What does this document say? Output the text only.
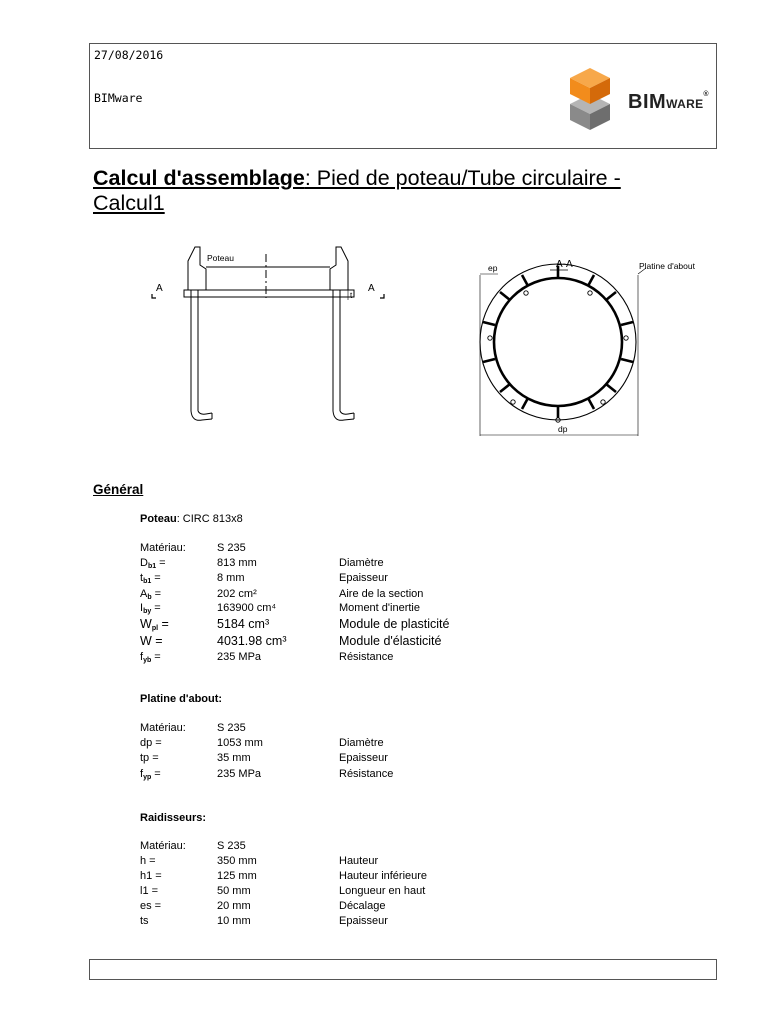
27/08/2016
BIMware	BIMWARE®
Calcul d'assemblage: Pied de poteau/Tube circulaire -
Calcul1
Poteau
A	A
t
ep	A-A	Platine d'about
dp
Général
Poteau: CIRC 813x8
Matériau:	S 235
$D_{b1}$ =	813 mm	Diamètre
$t_{b1}$ =	8 mm	Epaisseur
$A_b$ =	202 cm²	Aire de la section
$I_{by}$ =	163900 cm⁴	Moment d'inertie
$W_{pl}$ =	5184 cm³	Module de plasticité
W =	4031.98 cm³	Module d'élasticité
$f_{yb}$ =	235 MPa	Résistance
Platine d'about:
Matériau:	S 235
dp =	1053 mm	Diamètre
tp =	35 mm	Epaisseur
$f_{yp}$ =	235 MPa	Résistance
Raidisseurs:
Matériau:	S 235
h =	350 mm	Hauteur
h1 =	125 mm	Hauteur inférieure
l1 =	50 mm	Longueur en haut
es =	20 mm	Décalage
ts	10 mm	Epaisseur
